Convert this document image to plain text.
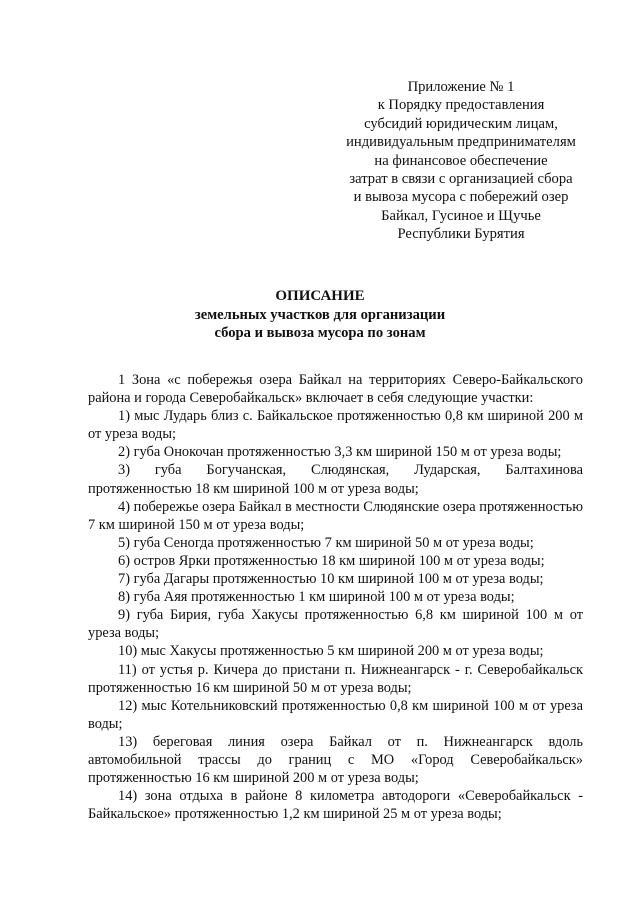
Приложение № 1
к Порядку предоставления
субсидий юридическим лицам,
индивидуальным предпринимателям
на финансовое обеспечение
затрат в связи с организацией сбора
и вывоза мусора с побережий озер
Байкал, Гусиное и Щучье
Республики Бурятия
ОПИСАНИЕ
земельных участков для организации
сбора и вывоза мусора по зонам

1 Зона «с побережья озера Байкал на территориях Северо-Байкальского района и города Северобайкальск» включает в себя следующие участки:

1) мыс Лударь близ с. Байкальское протяженностью 0,8 км шириной 200 м от уреза воды;

2) губа Онокочан протяженностью 3,3 км шириной 150 м от уреза воды;

3) губа Богучанская, Слюдянская, Лударская, Балтахинова протяженностью 18 км шириной 100 м от уреза воды;

4) побережье озера Байкал в местности Слюдянские озера протяженностью 7 км шириной 150 м от уреза воды;

5) губа Сеногда протяженностью 7 км шириной 50 м от уреза воды;

6) остров Ярки протяженностью 18 км шириной 100 м от уреза воды;

7) губа Дагары протяженностью 10 км шириной 100 м от уреза воды;

8) губа Аяя протяженностью 1 км шириной 100 м от уреза воды;

9) губа Бирия, губа Хакусы протяженностью 6,8 км шириной 100 м от уреза воды;

10) мыс Хакусы протяженностью 5 км шириной 200 м от уреза воды;

11) от устья р. Кичера до пристани п. Нижнеангарск - г. Северобайкальск протяженностью 16 км шириной 50 м от уреза воды;

12) мыс Котельниковский протяженностью 0,8 км шириной 100 м от уреза воды;

13) береговая линия озера Байкал от п. Нижнеангарск вдоль автомобильной трассы до границ с МО «Город Северобайкальск» протяженностью 16 км шириной 200 м от уреза воды;

14) зона отдыха в районе 8 километра автодороги «Северобайкальск - Байкальское» протяженностью 1,2 км шириной 25 м от уреза воды;
